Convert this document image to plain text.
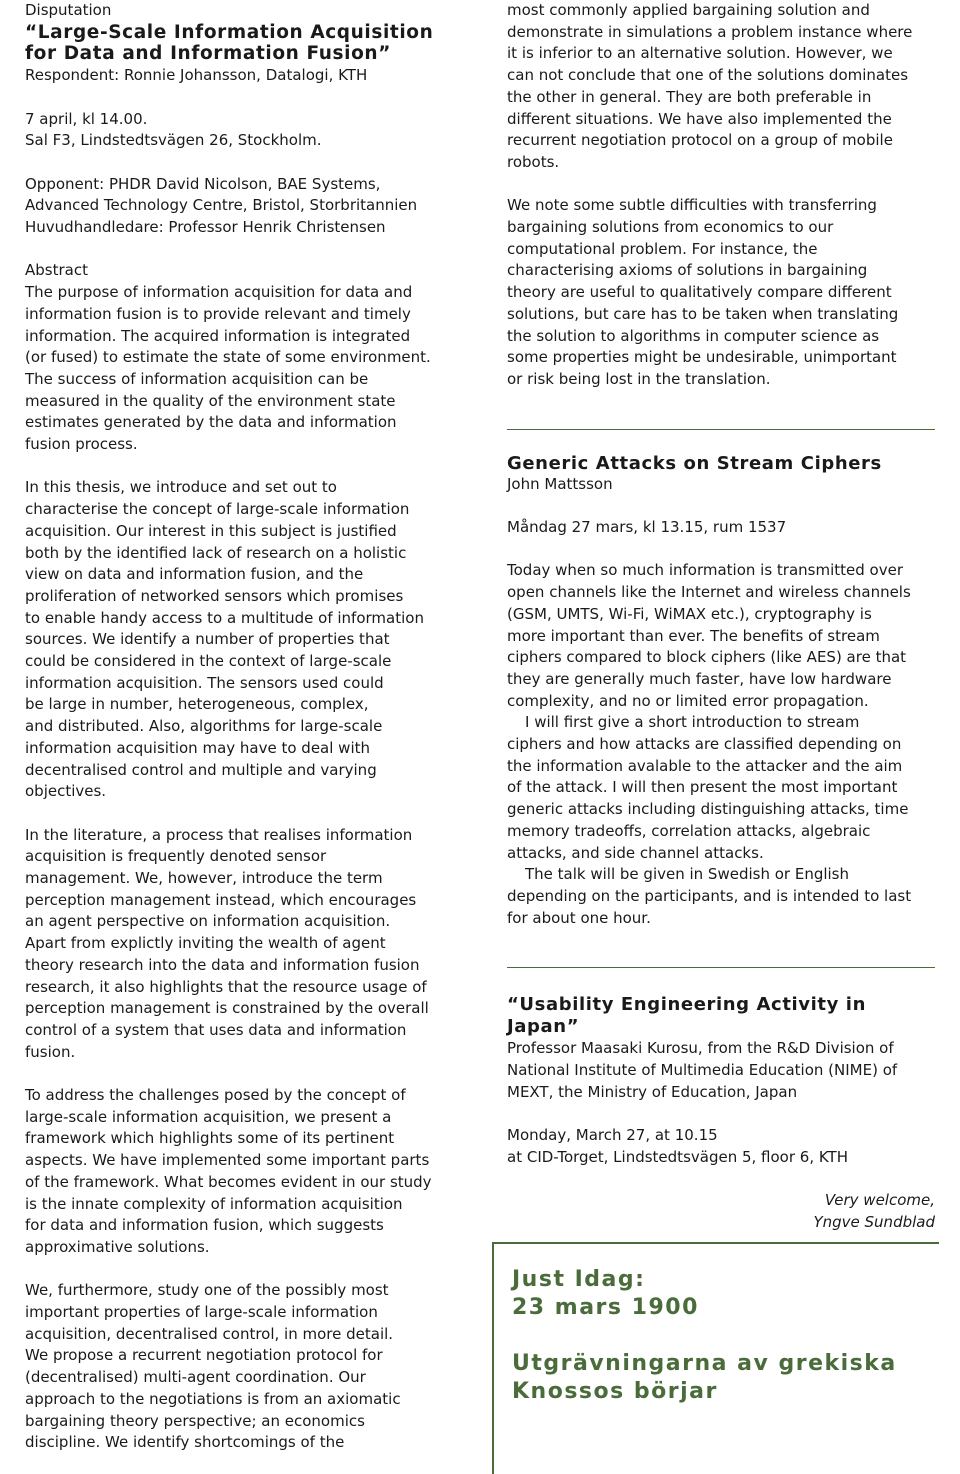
Disputation
“Large-Scale Information Acquisition
for Data and Information Fusion”
Respondent: Ronnie Johansson, Datalogi, KTH
7 april, kl 14.00.
Sal F3, Lindstedtsvägen 26, Stockholm.
Opponent: PHDR David Nicolson, BAE Systems,
Advanced Technology Centre, Bristol, Storbritannien
Huvudhandledare: Professor Henrik Christensen
Abstract
The purpose of information acquisition for data and
information fusion is to provide relevant and timely
information. The acquired information is integrated
(or fused) to estimate the state of some environment.
The success of information acquisition can be
measured in the quality of the environment state
estimates generated by the data and information
fusion process.
In this thesis, we introduce and set out to
characterise the concept of large-scale information
acquisition. Our interest in this subject is justified
both by the identified lack of research on a holistic
view on data and information fusion, and the
proliferation of networked sensors which promises
to enable handy access to a multitude of information
sources. We identify a number of properties that
could be considered in the context of large-scale
information acquisition. The sensors used could
be large in number, heterogeneous, complex,
and distributed. Also, algorithms for large-scale
information acquisition may have to deal with
decentralised control and multiple and varying
objectives.
In the literature, a process that realises information
acquisition is frequently denoted sensor
management. We, however, introduce the term
perception management instead, which encourages
an agent perspective on information acquisition.
Apart from explictly inviting the wealth of agent
theory research into the data and information fusion
research, it also highlights that the resource usage of
perception management is constrained by the overall
control of a system that uses data and information
fusion.
To address the challenges posed by the concept of
large-scale information acquisition, we present a
framework which highlights some of its pertinent
aspects. We have implemented some important parts
of the framework. What becomes evident in our study
is the innate complexity of information acquisition
for data and information fusion, which suggests
approximative solutions.
We, furthermore, study one of the possibly most
important properties of large-scale information
acquisition, decentralised control, in more detail.
We propose a recurrent negotiation protocol for
(decentralised) multi-agent coordination. Our
approach to the negotiations is from an axiomatic
bargaining theory perspective; an economics
discipline. We identify shortcomings of the
most commonly applied bargaining solution and
demonstrate in simulations a problem instance where
it is inferior to an alternative solution. However, we
can not conclude that one of the solutions dominates
the other in general. They are both preferable in
different situations. We have also implemented the
recurrent negotiation protocol on a group of mobile
robots.
We note some subtle difficulties with transferring
bargaining solutions from economics to our
computational problem. For instance, the
characterising axioms of solutions in bargaining
theory are useful to qualitatively compare different
solutions, but care has to be taken when translating
the solution to algorithms in computer science as
some properties might be undesirable, unimportant
or risk being lost in the translation.
Generic Attacks on Stream Ciphers
John Mattsson
Måndag 27 mars, kl 13.15, rum 1537
Today when so much information is transmitted over
open channels like the Internet and wireless channels
(GSM, UMTS, Wi-Fi, WiMAX etc.), cryptography is
more important than ever. The benefits of stream
ciphers compared to block ciphers (like AES) are that
they are generally much faster, have low hardware
complexity, and no or limited error propagation.
I will first give a short introduction to stream
ciphers and how attacks are classified depending on
the information avalable to the attacker and the aim
of the attack. I will then present the most important
generic attacks including distinguishing attacks, time
memory tradeoffs, correlation attacks, algebraic
attacks, and side channel attacks.
The talk will be given in Swedish or English
depending on the participants, and is intended to last
for about one hour.
“Usability Engineering Activity in
Japan”
Professor Maasaki Kurosu, from the R&D Division of
National Institute of Multimedia Education (NIME) of
MEXT, the Ministry of Education, Japan
Monday, March 27, at 10.15
at CID-Torget, Lindstedtsvägen 5, floor 6, KTH
Very welcome,
Yngve Sundblad
Just Idag:
23 mars 1900
Utgrävningarna av grekiska
Knossos börjar
